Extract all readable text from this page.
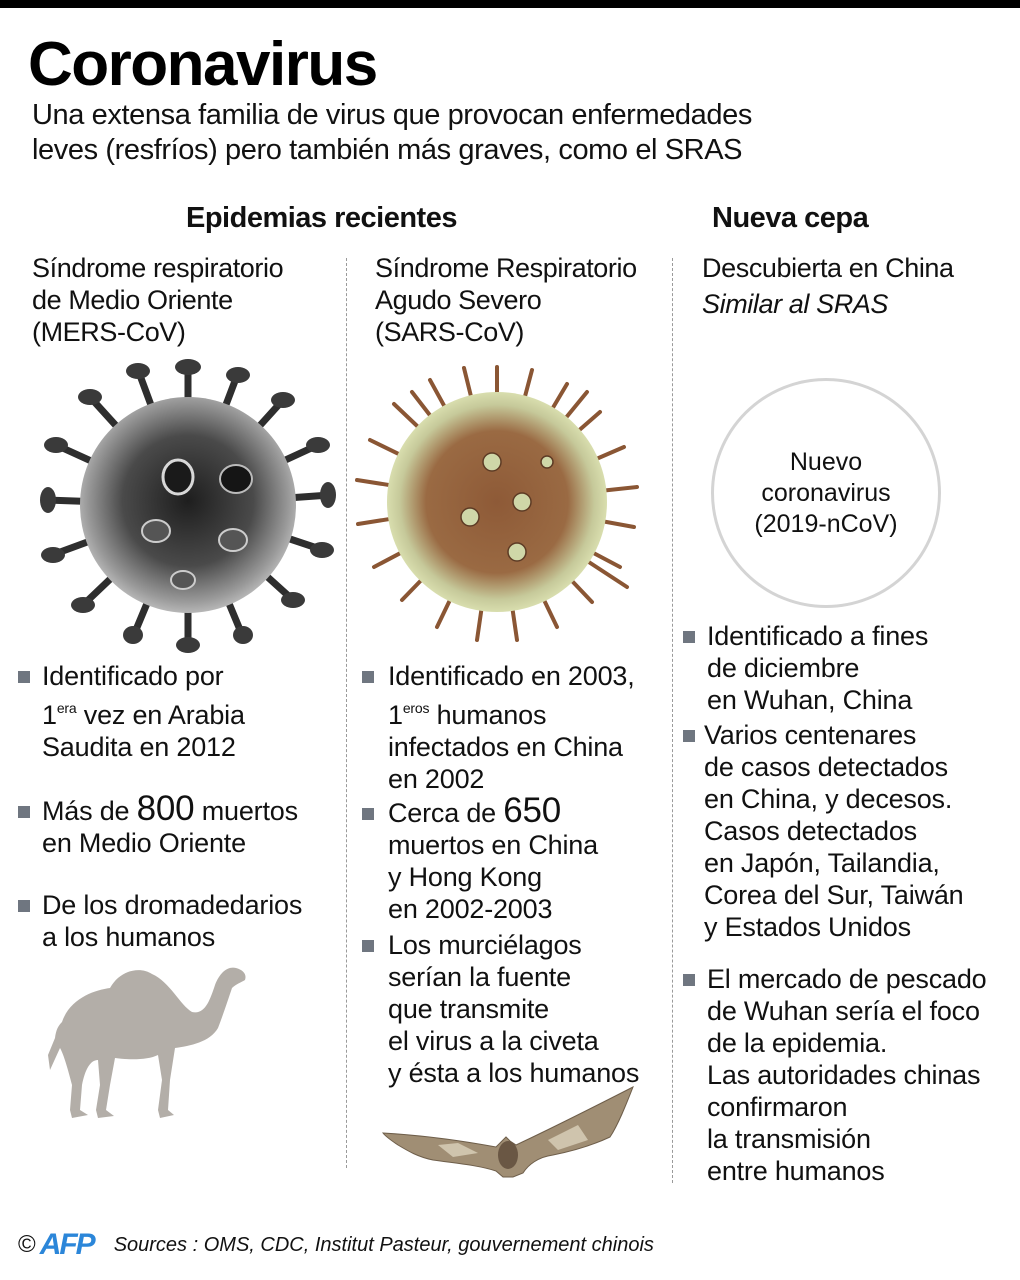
Coronavirus
Una extensa familia de virus que provocan enfermedades
leves (resfríos) pero también más graves, como el SRAS
Epidemias recientes	Nueva cepa
Síndrome respiratorio
de Medio Oriente
(MERS-CoV)
Síndrome Respiratorio
Agudo Severo
(SARS-CoV)
Descubierta en China
Similar al SRAS
Nuevo
coronavirus
(2019-nCoV)
Identificado por
$1^{era}$ vez en Arabia
Saudita en 2012
Más de 800 muertos
en Medio Oriente
De los dromadedarios
a los humanos
Identificado en 2003,
$1^{eros}$ humanos
infectados en China
en 2002
Cerca de 650
muertos en China
y Hong Kong
en 2002-2003
Los murciélagos
serían la fuente
que transmite
el virus a la civeta
y ésta a los humanos
Identificado a fines
de diciembre
en Wuhan, China
Varios centenares
de casos detectados
en China, y decesos.
Casos detectados
en Japón, Tailandia,
Corea del Sur, Taiwán
y Estados Unidos
El mercado de pescado
de Wuhan sería el foco
de la epidemia.
Las autoridades chinas
confirmaron
la transmisión
entre humanos
© AFP Sources : OMS, CDC, Institut Pasteur, gouvernement chinois
